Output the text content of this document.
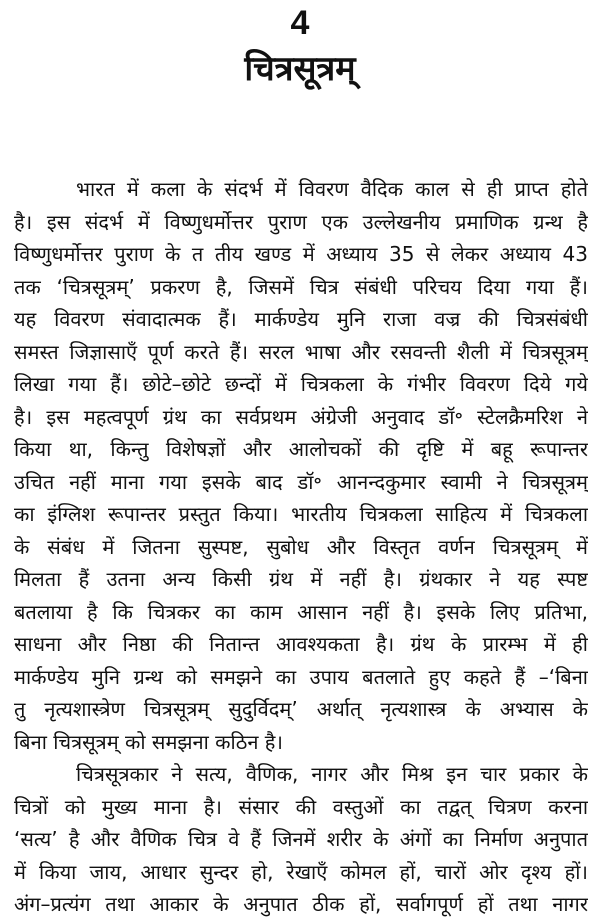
4
चित्रसूत्रम्
भारत में कला के संदर्भ में विवरण वैदिक काल से ही प्राप्त होते
है। इस संदर्भ में विष्णुधर्मोत्तर पुराण एक उल्लेखनीय प्रमाणिक ग्रन्थ है
विष्णुधर्मोत्तर पुराण के त तीय खण्ड में अध्याय 35 से लेकर अध्याय 43
तक ‘चित्रसूत्रम्’ प्रकरण है, जिसमें चित्र संबंधी परिचय दिया गया हैं।
यह विवरण संवादात्मक हैं। मार्कण्डेय मुनि राजा वज्र की चित्रसंबंधी
समस्त जिज्ञासाएँ पूर्ण करते हैं। सरल भाषा और रसवन्ती शैली में चित्रसूत्रम्
लिखा गया हैं। छोटे–छोटे छन्दों में चित्रकला के गंभीर विवरण दिये गये
है। इस महत्वपूर्ण ग्रंथ का सर्वप्रथम अंग्रेजी अनुवाद डॉ॰ स्टेलक्रैमरिश ने
किया था, किन्तु विशेषज्ञों और आलोचकों की दृष्टि में बहू रूपान्तर
उचित नहीं माना गया इसके बाद डॉ॰ आनन्दकुमार स्वामी ने चित्रसूत्रम्
का इंग्लिश रूपान्तर प्रस्तुत किया। भारतीय चित्रकला साहित्य में चित्रकला
के संबंध में जितना सुस्पष्ट, सुबोध और विस्तृत वर्णन चित्रसूत्रम् में
मिलता हैं उतना अन्य किसी ग्रंथ में नहीं है। ग्रंथकार ने यह स्पष्ट
बतलाया है कि चित्रकर का काम आसान नहीं है। इसके लिए प्रतिभा,
साधना और निष्ठा की नितान्त आवश्यकता है। ग्रंथ के प्रारम्भ में ही
मार्कण्डेय मुनि ग्रन्थ को समझने का उपाय बतलाते हुए कहते हैं –‘बिना
तु नृत्यशास्त्रेण चित्रसूत्रम् सुदुर्विदम्’ अर्थात् नृत्यशास्त्र के अभ्यास के
बिना चित्रसूत्रम् को समझना कठिन है।
चित्रसूत्रकार ने सत्य, वैणिक, नागर और मिश्र इन चार प्रकार के
चित्रों को मुख्य माना है। संसार की वस्तुओं का तद्वत् चित्रण करना
‘सत्य’ है और वैणिक चित्र वे हैं जिनमें शरीर के अंगों का निर्माण अनुपात
में किया जाय, आधार सुन्दर हो, रेखाएँ कोमल हों, चारों ओर दृश्य हों।
अंग–प्रत्यंग तथा आकार के अनुपात ठीक हों, सर्वागपूर्ण हों तथा नागर
